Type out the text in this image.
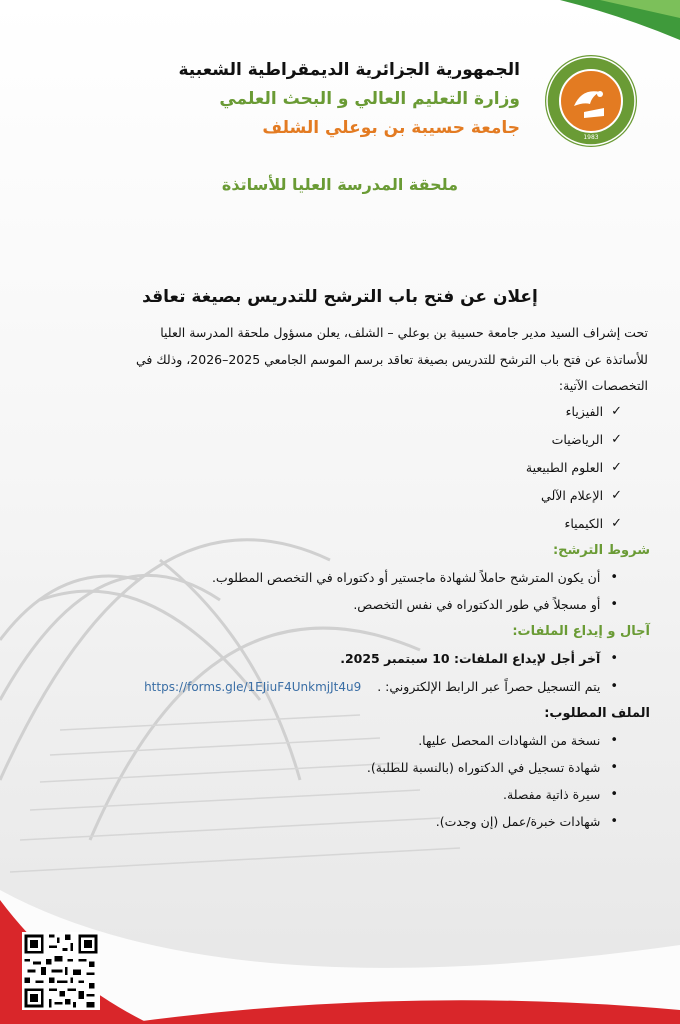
1983
الجمهورية الجزائرية الديمقراطية الشعبية
وزارة التعليم العالي و البحث العلمي
جامعة حسيبة بن بوعلي الشلف
ملحقة المدرسة العليا للأساتذة
إعلان عن فتح باب الترشح للتدريس بصيغة تعاقد
تحت إشراف السيد مدير جامعة حسيبة بن بوعلي – الشلف، يعلن مسؤول ملحقة المدرسة العليا
للأساتذة عن فتح باب الترشح للتدريس بصيغة تعاقد برسم الموسم الجامعي 2025–2026، وذلك في
التخصصات الآتية:
✓
الفيزياء
✓
الرياضيات
✓
العلوم الطبيعية
✓
الإعلام الآلي
✓
الكيمياء
شروط الترشح:
•
أن يكون المترشح حاملاً لشهادة ماجستير أو دكتوراه في التخصص المطلوب.
•
أو مسجلاً في طور الدكتوراه في نفس التخصص.
آجال و إيداع الملفات:
•
آخر أجل لإيداع الملفات: 10 سبتمبر 2025.
•
يتم التسجيل حصراً عبر الرابط الإلكتروني: .
https://forms.gle/1EJiuF4UnkmjJt4u9
الملف المطلوب:
•
نسخة من الشهادات المحصل عليها.
•
شهادة تسجيل في الدكتوراه (بالنسبة للطلبة).
•
سيرة ذاتية مفصلة.
•
شهادات خبرة/عمل (إن وجدت).
